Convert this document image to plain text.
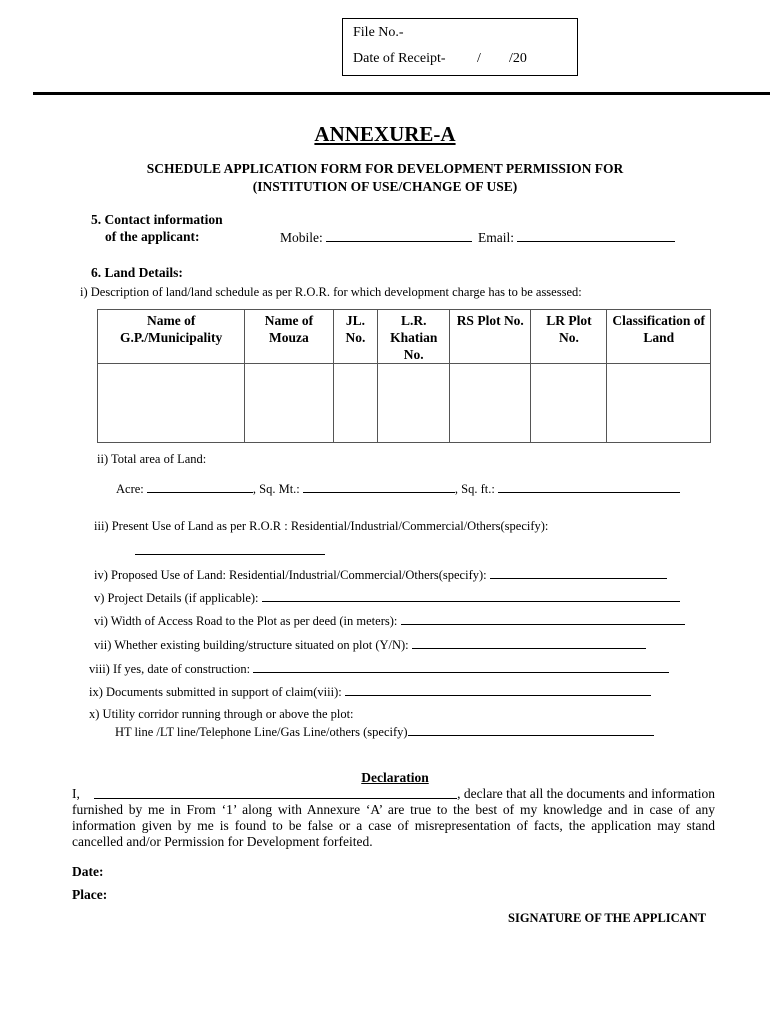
File No.-
Date of Receipt- / /20
ANNEXURE-A
SCHEDULE APPLICATION FORM FOR DEVELOPMENT PERMISSION FOR
(INSTITUTION OF USE/CHANGE OF USE)
5. Contact information
of the applicant:	Mobile:	Email:
6. Land Details:
i) Description of land/land schedule as per R.O.R. for which development charge has to be assessed:
Name of G.P./Municipality	Name of Mouza	JL. No.	L.R. Khatian No.	RS Plot No.	LR Plot No.	Classification of Land

ii) Total area of Land:
Acre:	, Sq. Mt.:	, Sq. ft.:
iii) Present Use of Land as per R.O.R : Residential/Industrial/Commercial/Others(specify):
iv) Proposed Use of Land: Residential/Industrial/Commercial/Others(specify):
v) Project Details (if applicable):
vi) Width of Access Road to the Plot as per deed (in meters):
vii) Whether existing building/structure situated on plot (Y/N):
viii) If yes, date of construction:
ix) Documents submitted in support of claim(viii):
x) Utility corridor running through or above the plot:
HT line /LT line/Telephone Line/Gas Line/others (specify)
Declaration
I,	, declare that all the documents and information
furnished by me in From ‘1’ along with Annexure ‘A’ are true to the best of my knowledge and in case of any information given by me is found to be false or a case of misrepresentation of facts, the application may stand cancelled and/or Permission for Development forfeited.
Date:
Place:
SIGNATURE OF THE APPLICANT
